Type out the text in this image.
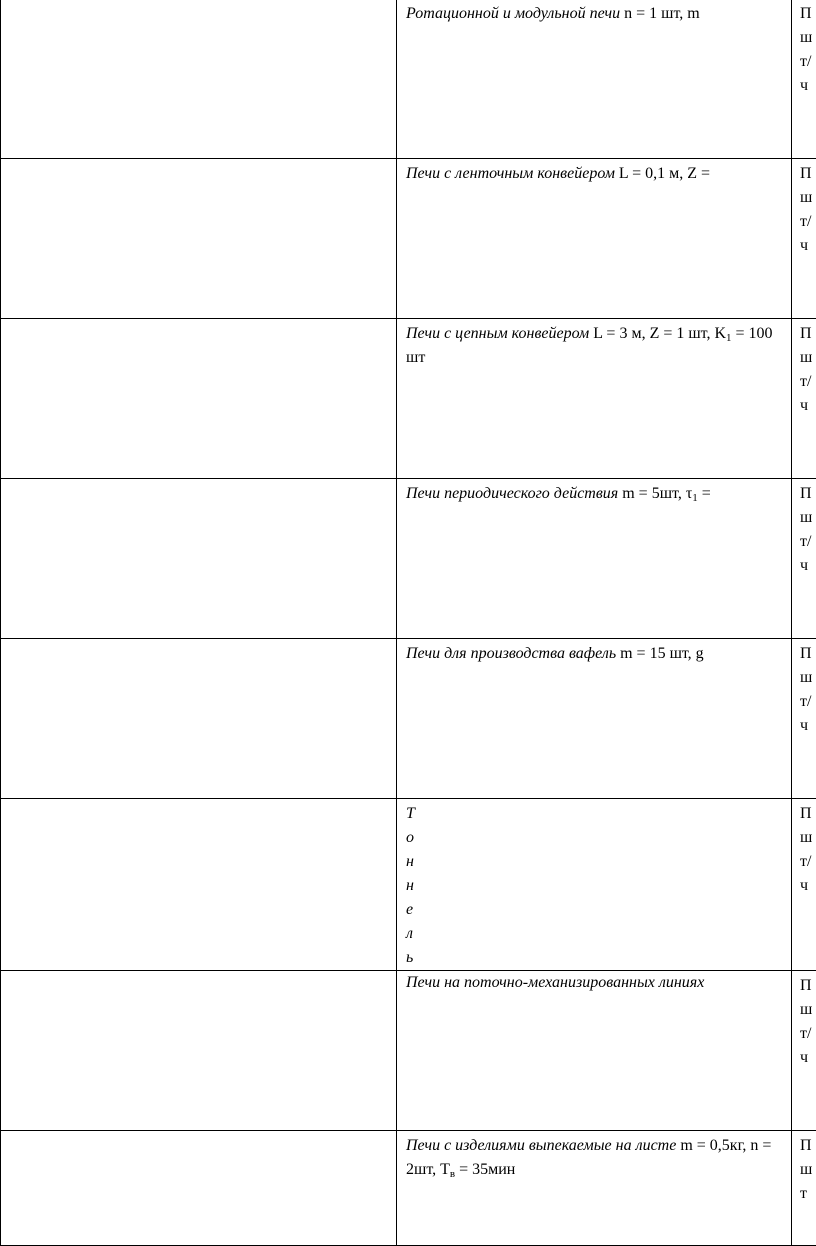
	Ротационной и модульной печи n = 1 шт, m	Пшт/ч

	Печи с ленточным конвейером L = 0,1 м, Z =	Пшт/ч

	Печи с цепным конвейером L = 3 м, Z = 1 шт, $K_1 = 100$ шт	Пшт/ч

	Печи периодического действия m = 5шт, $\tau_1$ =	Пшт/ч

	Печи для производства вафель m = 15 шт, g	Пшт/ч

	Тоннель	Пшт/ч

	Печи на поточно-механизированных линиях	Пшт/ч

	Печи с изделиями выпекаемые на листе m = 0,5кг, n = 2шт, $Т_в = 35мин$	Пшт
